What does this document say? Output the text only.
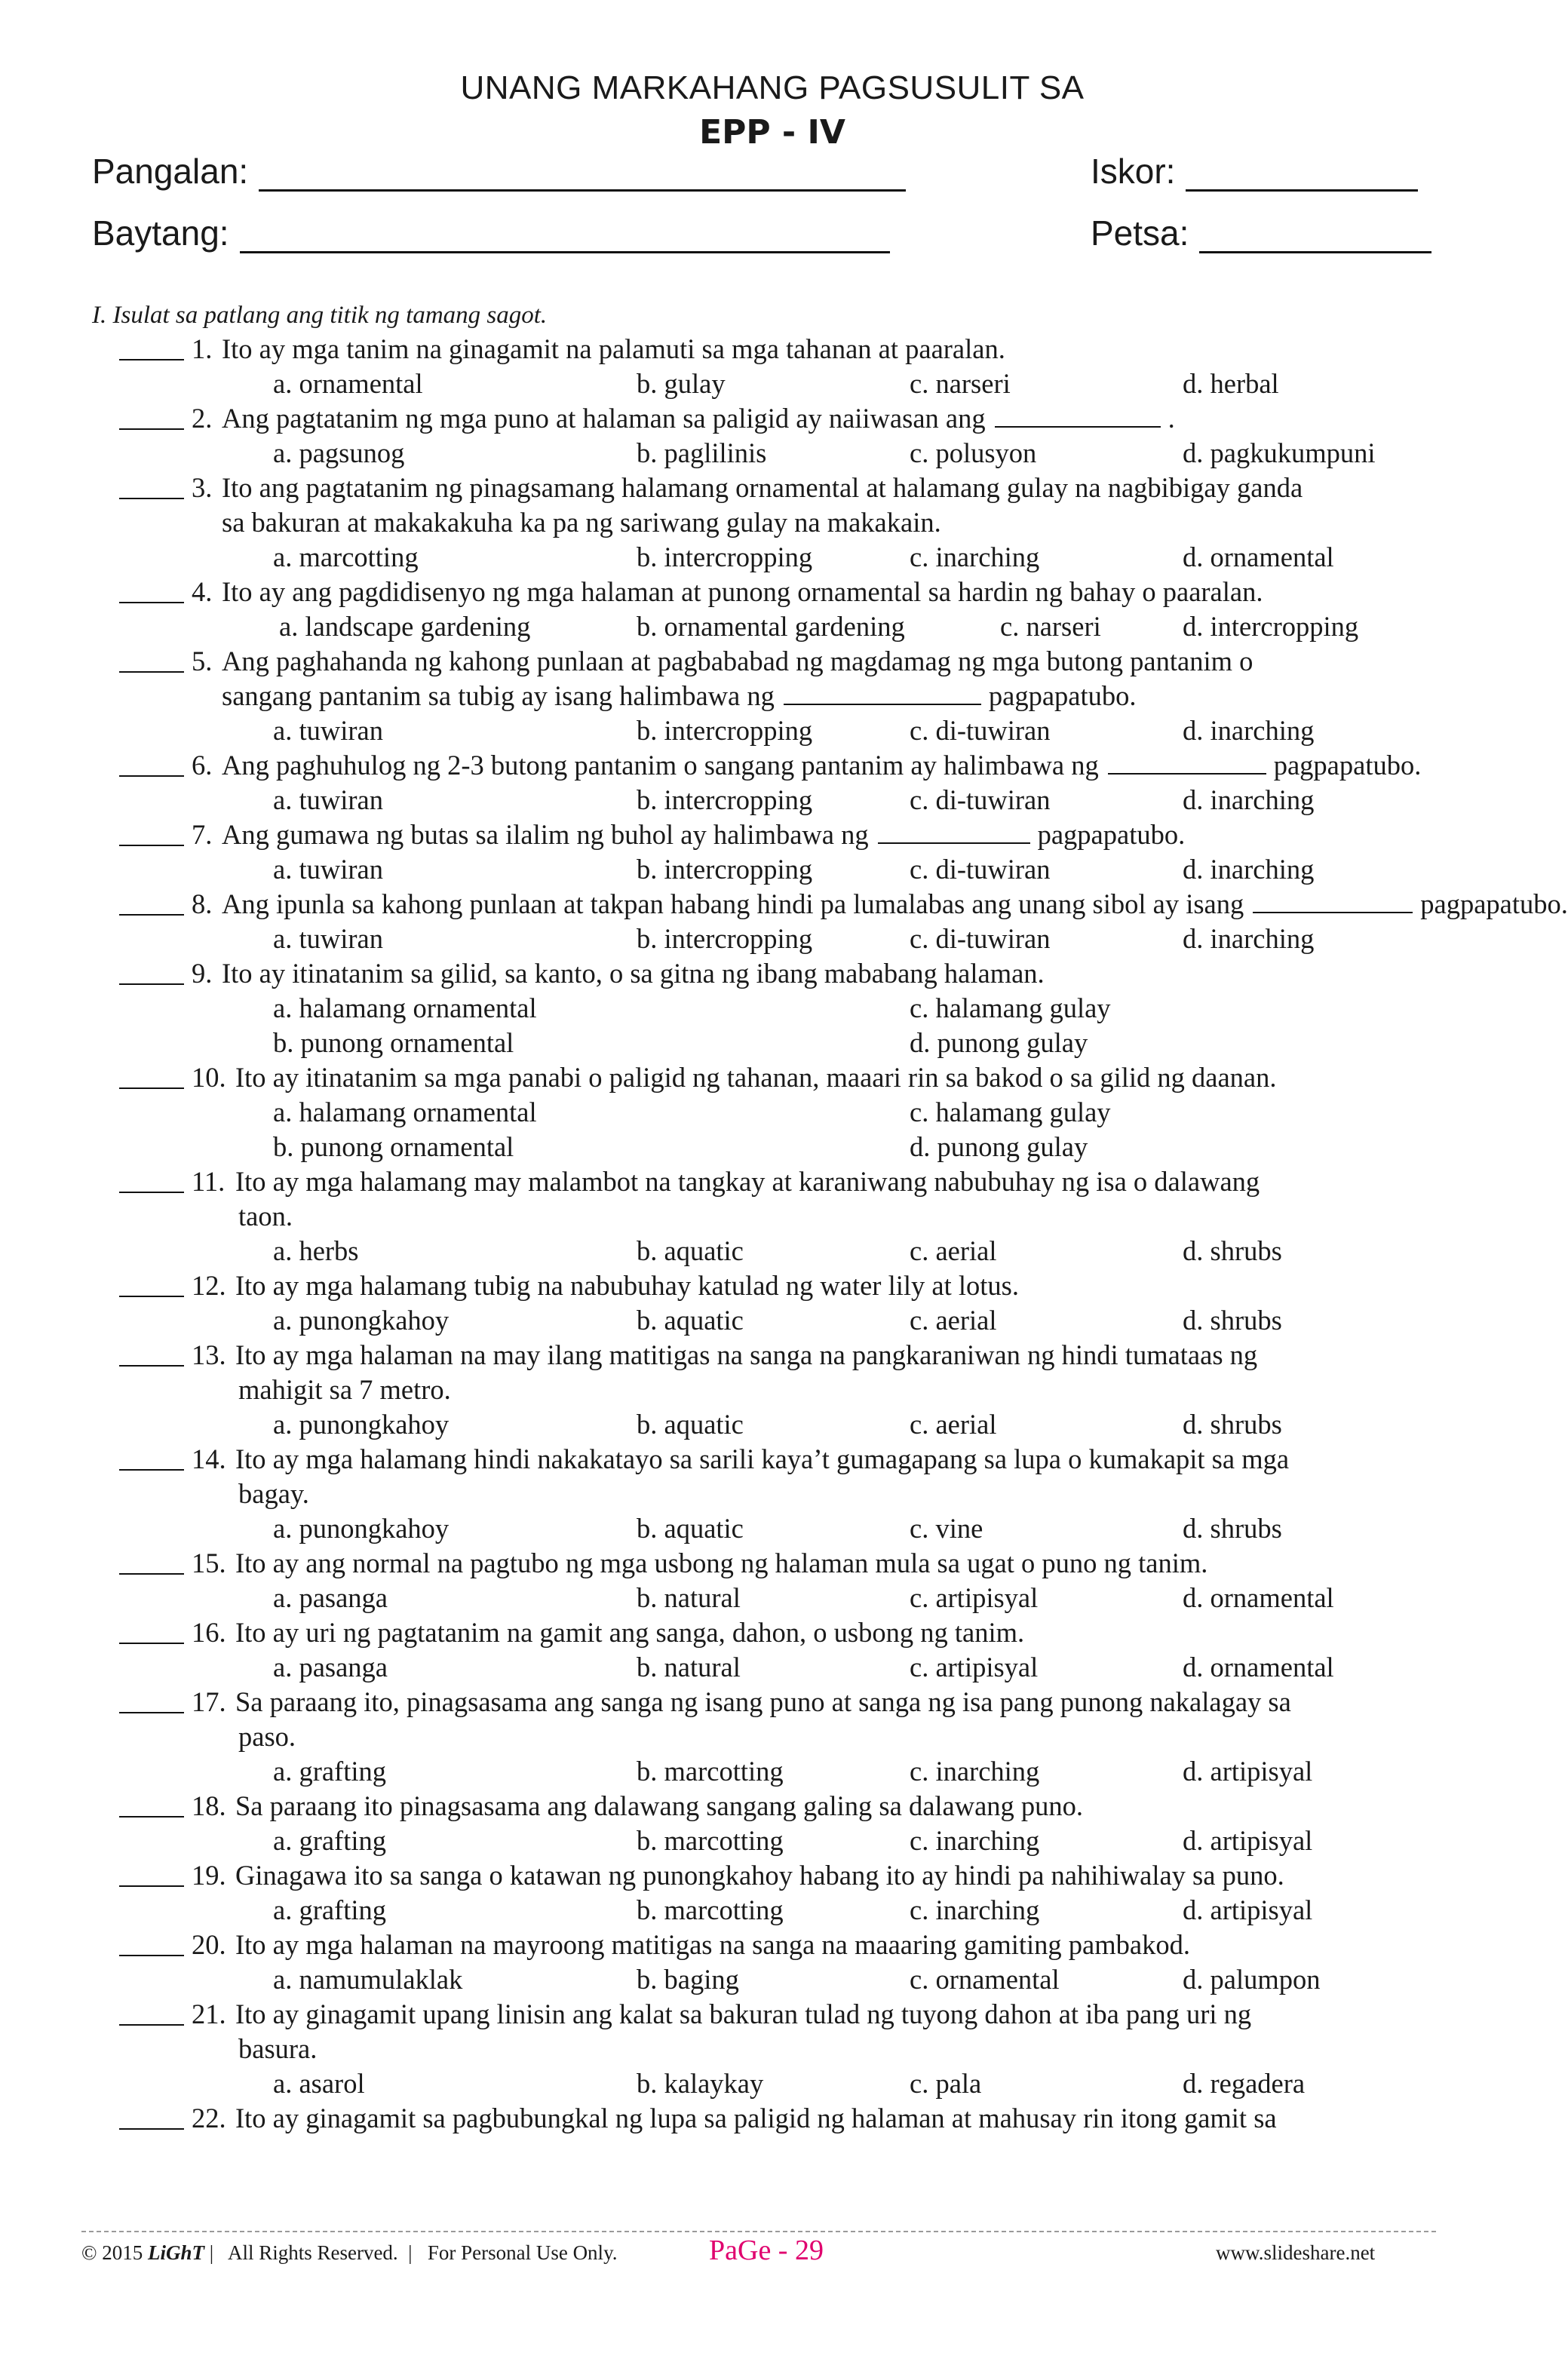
UNANG MARKAHANG PAGSUSULIT SA
EPP - IV
Pangalan:	Iskor:
Baytang:	Petsa:
I. Isulat sa patlang ang titik ng tamang sagot.
1. Ito ay mga tanim na ginagamit na palamuti sa mga tahanan at paaralan.
a. ornamental	b. gulay	c. narseri	d. herbal
2. Ang pagtatanim ng mga puno at halaman sa paligid ay naiiwasan ang	.
a. pagsunog	b. paglilinis	c. polusyon	d. pagkukumpuni
3. Ito ang pagtatanim ng pinagsamang halamang ornamental at halamang gulay na nagbibigay ganda
sa bakuran at makakakuha ka pa ng sariwang gulay na makakain.
a. marcotting	b. intercropping	c. inarching	d. ornamental
4. Ito ay ang pagdidisenyo ng mga halaman at punong ornamental sa hardin ng bahay o paaralan.
a. landscape gardening	b. ornamental gardening	c. narseri	d. intercropping
5. Ang paghahanda ng kahong punlaan at pagbababad ng magdamag ng mga butong pantanim o
sangang pantanim sa tubig ay isang halimbawa ng	pagpapatubo.
a. tuwiran	b. intercropping	c. di-tuwiran	d. inarching
6. Ang paghuhulog ng 2-3 butong pantanim o sangang pantanim ay halimbawa ng	pagpapatubo.
a. tuwiran	b. intercropping	c. di-tuwiran	d. inarching
7. Ang gumawa ng butas sa ilalim ng buhol ay halimbawa ng	pagpapatubo.
a. tuwiran	b. intercropping	c. di-tuwiran	d. inarching
8. Ang ipunla sa kahong punlaan at takpan habang hindi pa lumalabas ang unang sibol ay isang	pagpapatubo.
a. tuwiran	b. intercropping	c. di-tuwiran	d. inarching
9. Ito ay itinatanim sa gilid, sa kanto, o sa gitna ng ibang mababang halaman.
a. halamang ornamental	c. halamang gulay
b. punong ornamental	d. punong gulay
10. Ito ay itinatanim sa mga panabi o paligid ng tahanan, maaari rin sa bakod o sa gilid ng daanan.
a. halamang ornamental	c. halamang gulay
b. punong ornamental	d. punong gulay
11. Ito ay mga halamang may malambot na tangkay at karaniwang nabubuhay ng isa o dalawang
taon.
a. herbs	b. aquatic	c. aerial	d. shrubs
12. Ito ay mga halamang tubig na nabubuhay katulad ng water lily at lotus.
a. punongkahoy	b. aquatic	c. aerial	d. shrubs
13. Ito ay mga halaman na may ilang matitigas na sanga na pangkaraniwan ng hindi tumataas ng
mahigit sa 7 metro.
a. punongkahoy	b. aquatic	c. aerial	d. shrubs
14. Ito ay mga halamang hindi nakakatayo sa sarili kaya’t gumagapang sa lupa o kumakapit sa mga
bagay.
a. punongkahoy	b. aquatic	c. vine	d. shrubs
15. Ito ay ang normal na pagtubo ng mga usbong ng halaman mula sa ugat o puno ng tanim.
a. pasanga	b. natural	c. artipisyal	d. ornamental
16. Ito ay uri ng pagtatanim na gamit ang sanga, dahon, o usbong ng tanim.
a. pasanga	b. natural	c. artipisyal	d. ornamental
17. Sa paraang ito, pinagsasama ang sanga ng isang puno at sanga ng isa pang punong nakalagay sa
paso.
a. grafting	b. marcotting	c. inarching	d. artipisyal
18. Sa paraang ito pinagsasama ang dalawang sangang galing sa dalawang puno.
a. grafting	b. marcotting	c. inarching	d. artipisyal
19. Ginagawa ito sa sanga o katawan ng punongkahoy habang ito ay hindi pa nahihiwalay sa puno.
a. grafting	b. marcotting	c. inarching	d. artipisyal
20. Ito ay mga halaman na mayroong matitigas na sanga na maaaring gamiting pambakod.
a. namumulaklak	b. baging	c. ornamental	d. palumpon
21. Ito ay ginagamit upang linisin ang kalat sa bakuran tulad ng tuyong dahon at iba pang uri ng
basura.
a. asarol	b. kalaykay	c. pala	d. regadera
22. Ito ay ginagamit sa pagbubungkal ng lupa sa paligid ng halaman at mahusay rin itong gamit sa
© 2015 LiGhT |   All Rights Reserved.  |   For Personal Use Only.	PaGe - 29	www.slideshare.net
